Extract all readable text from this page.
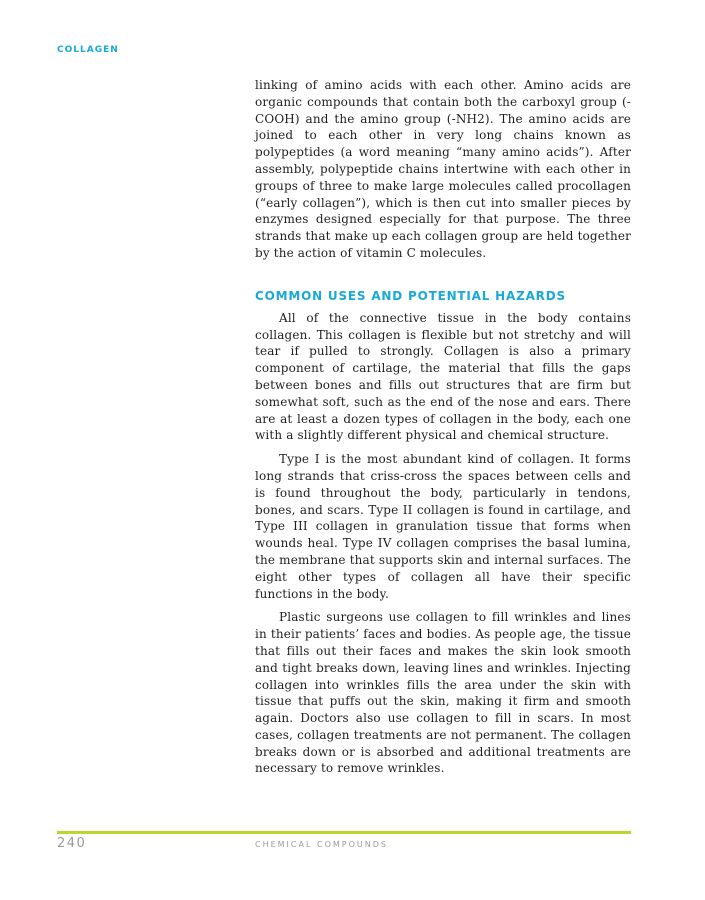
COLLAGEN

linking of amino acids with each other. Amino acids are organic compounds that contain both the carboxyl group (-COOH) and the amino group (-NH2). The amino acids are joined to each other in very long chains known as polypeptides (a word meaning “many amino acids”). After assembly, polypeptide chains intertwine with each other in groups of three to make large molecules called procollagen (“early collagen”), which is then cut into smaller pieces by enzymes designed especially for that purpose. The three strands that make up each collagen group are held together by the action of vitamin C molecules.

COMMON USES AND POTENTIAL HAZARDS

All of the connective tissue in the body contains collagen. This collagen is flexible but not stretchy and will tear if pulled to strongly. Collagen is also a primary component of cartilage, the material that fills the gaps between bones and fills out structures that are firm but somewhat soft, such as the end of the nose and ears. There are at least a dozen types of collagen in the body, each one with a slightly different physical and chemical structure.

Type I is the most abundant kind of collagen. It forms long strands that criss-cross the spaces between cells and is found throughout the body, particularly in tendons, bones, and scars. Type II collagen is found in cartilage, and Type III collagen in granulation tissue that forms when wounds heal. Type IV collagen comprises the basal lumina, the membrane that supports skin and internal surfaces. The eight other types of collagen all have their specific functions in the body.

Plastic surgeons use collagen to fill wrinkles and lines in their patients’ faces and bodies. As people age, the tissue that fills out their faces and makes the skin look smooth and tight breaks down, leaving lines and wrinkles. Injecting collagen into wrinkles fills the area under the skin with tissue that puffs out the skin, making it firm and smooth again. Doctors also use collagen to fill in scars. In most cases, collagen treatments are not permanent. The collagen breaks down or is absorbed and additional treatments are necessary to remove wrinkles.

240	CHEMICAL COMPOUNDS
